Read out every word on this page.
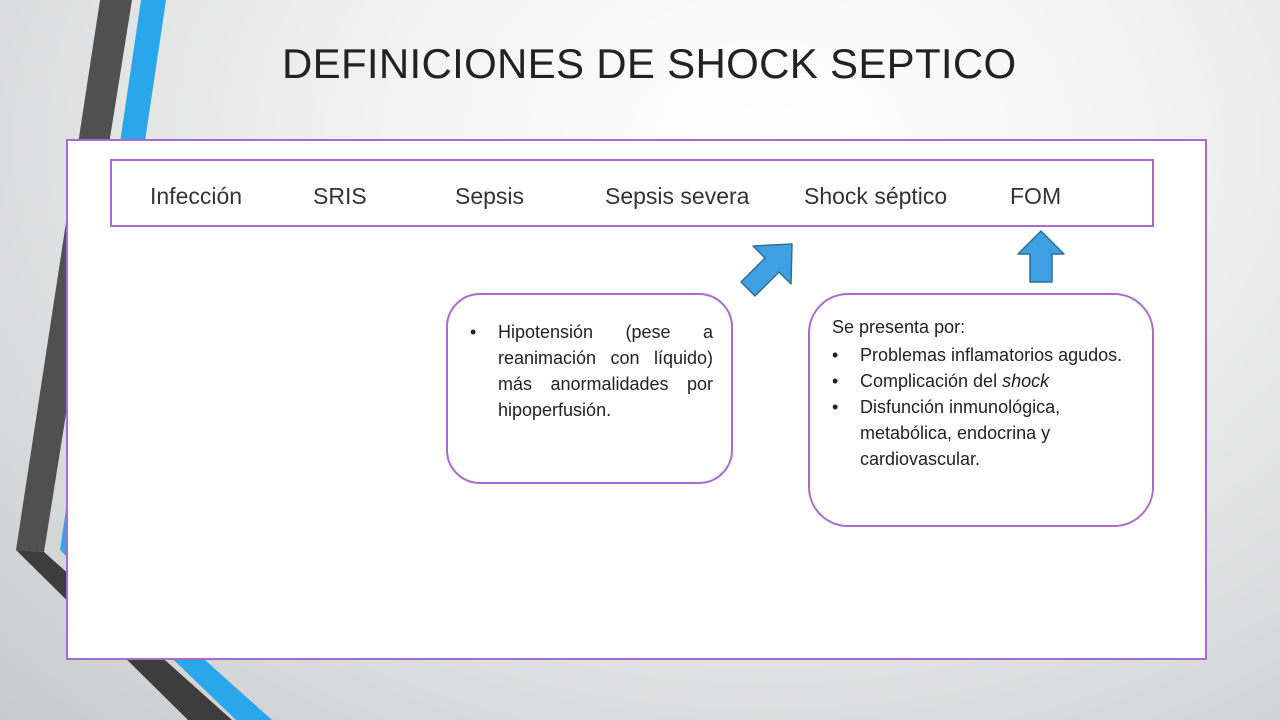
DEFINICIONES DE SHOCK SEPTICO
Infección	SRIS	Sepsis	Sepsis severa Shock séptico	FOM
• Hipotensión (pese a reanimación con líquido) más anormalidades por hipoperfusión.

Se presenta por:

• Problemas inflamatorios agudos.
• Complicación del shock
• Disfunción inmunológica, metabólica, endocrina y cardiovascular.
